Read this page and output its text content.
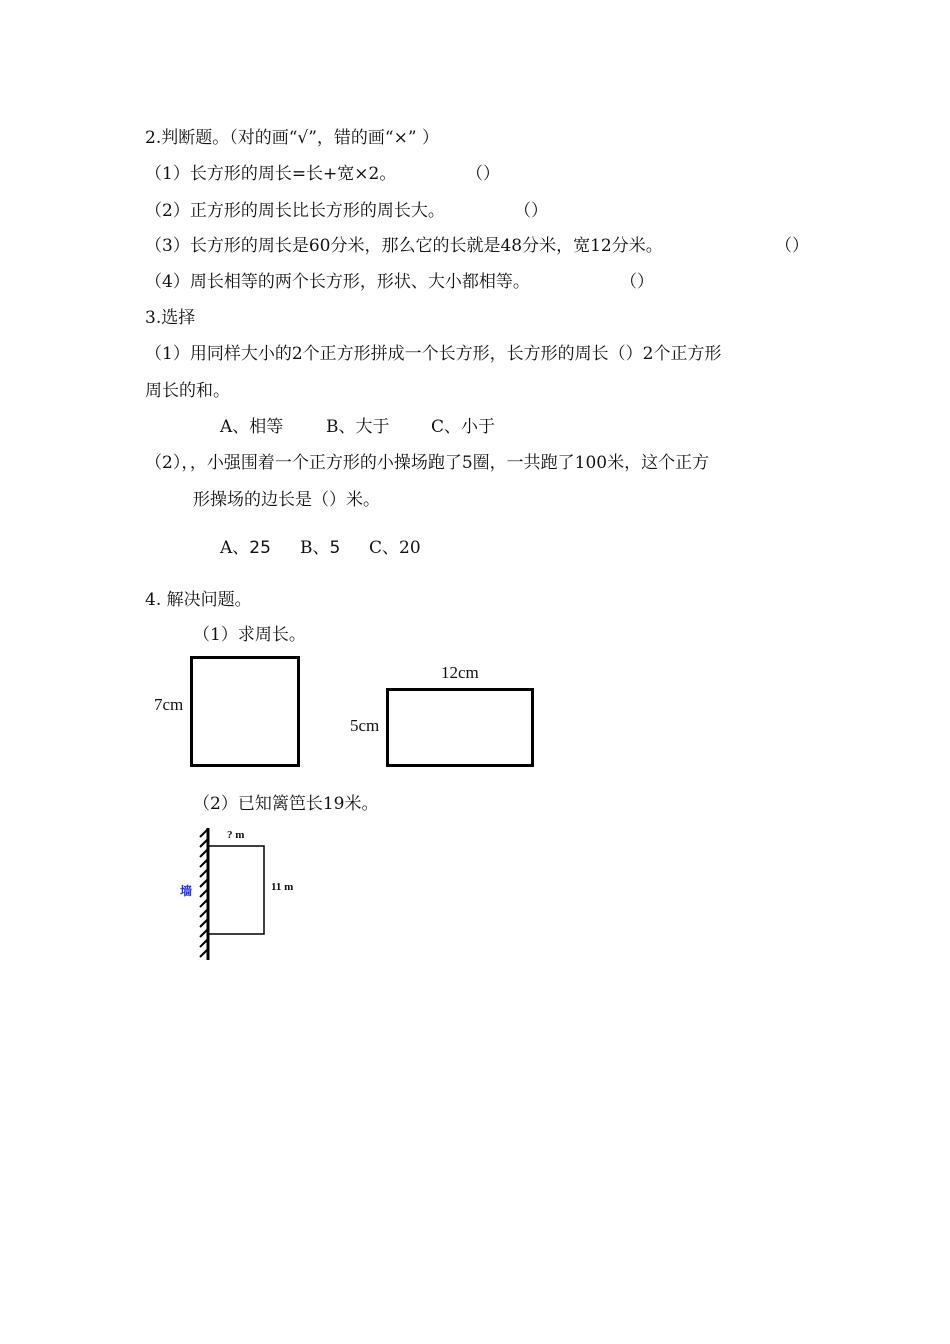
2.判断题。（对的画“√”，错的画“×” ）
（1）长方形的周长=长+宽×2。	（）
（2）正方形的周长比长方形的周长大。	（）
（3）长方形的周长是60分米，那么它的长就是48分米，宽12分米。	（）
（4）周长相等的两个长方形，形状、大小都相等。	（）
3.选择
（1）用同样大小的2个正方形拼成一个长方形，长方形的周长（）2个正方形
周长的和。
A、相等	B、大于 C、小于
（2），，小强围着一个正方形的小操场跑了5圈，一共跑了100米，这个正方
形操场的边长是（）米。
A、25 B、5 C、20
4. 解决问题。
（1）求周长。
7cm
12cm
5cm
（2）已知篱笆长19米。
? m
11 m
墙
